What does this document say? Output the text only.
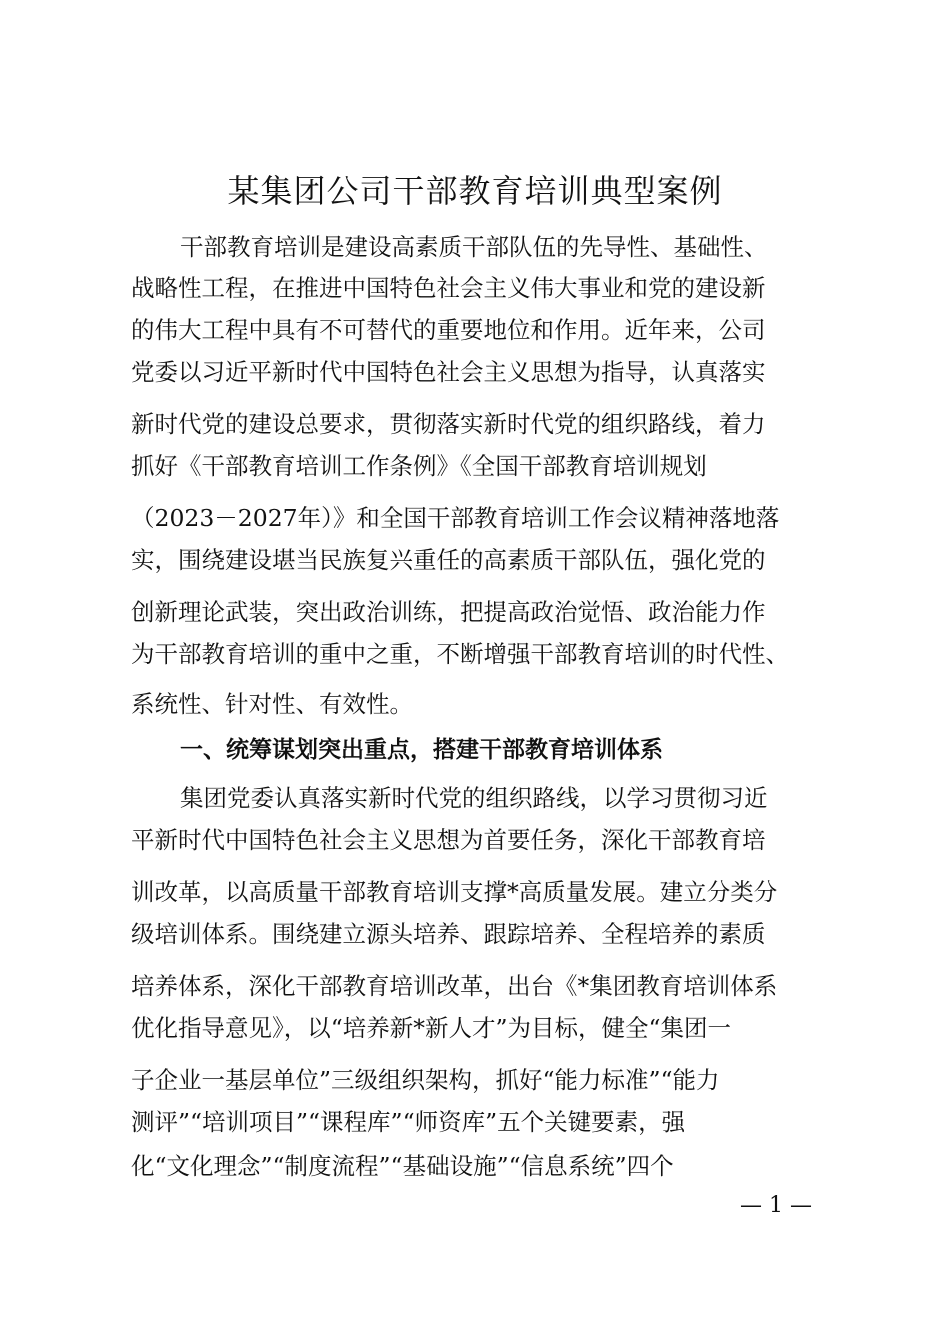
某集团公司干部教育培训典型案例
干部教育培训是建设高素质干部队伍的先导性、基础性、
战略性工程，在推进中国特色社会主义伟大事业和党的建设新
的伟大工程中具有不可替代的重要地位和作用。近年来，公司
党委以习近平新时代中国特色社会主义思想为指导，认真落实
新时代党的建设总要求，贯彻落实新时代党的组织路线，着力
抓好《干部教育培训工作条例》《全国干部教育培训规划
（2023－2027年）》和全国干部教育培训工作会议精神落地落
实，围绕建设堪当民族复兴重任的高素质干部队伍，强化党的
创新理论武装，突出政治训练，把提高政治觉悟、政治能力作
为干部教育培训的重中之重，不断增强干部教育培训的时代性、
系统性、针对性、有效性。
一、统筹谋划突出重点，搭建干部教育培训体系
集团党委认真落实新时代党的组织路线，以学习贯彻习近
平新时代中国特色社会主义思想为首要任务，深化干部教育培
训改革，以高质量干部教育培训支撑*高质量发展。建立分类分
级培训体系。围绕建立源头培养、跟踪培养、全程培养的素质
培养体系，深化干部教育培训改革，出台《*集团教育培训体系
优化指导意见》，以“培养新*新人才”为目标，健全“集团一
子企业一基层单位”三级组织架构，抓好“能力标准”“能力
测评”“培训项目”“课程库”“师资库”五个关键要素，强
化“文化理念”“制度流程”“基础设施”“信息系统”四个
— 1 —
